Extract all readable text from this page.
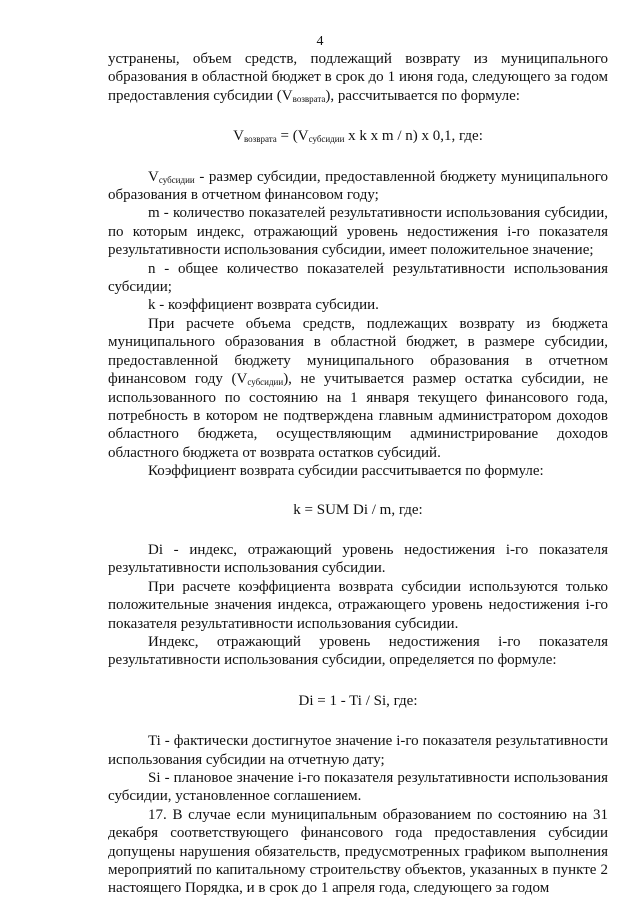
4

устранены, объем средств, подлежащий возврату из муниципального образования в областной бюджет в срок до 1 июня года, следующего за годом предоставления субсидии $(V_{возврата})$, рассчитывается по формуле:

$V_{возврата} = (V_{субсидии}$ x k x m / n) x 0,1, где:

$V_{субсидии}$ - размер субсидии, предоставленной бюджету муниципального образования в отчетном финансовом году;

m - количество показателей результативности использования субсидии, по которым индекс, отражающий уровень недостижения i-го показателя результативности использования субсидии, имеет положительное значение;

n - общее количество показателей результативности использования субсидии;

k - коэффициент возврата субсидии.

При расчете объема средств, подлежащих возврату из бюджета муниципального образования в областной бюджет, в размере субсидии, предоставленной бюджету муниципального образования в отчетном финансовом году $(V_{субсидии})$, не учитывается размер остатка субсидии, не использованного по состоянию на 1 января текущего финансового года, потребность в котором не подтверждена главным администратором доходов областного бюджета, осуществляющим администрирование доходов областного бюджета от возврата остатков субсидий.

Коэффициент возврата субсидии рассчитывается по формуле:

k = SUM Di / m, где:

Di - индекс, отражающий уровень недостижения i-го показателя результативности использования субсидии.

При расчете коэффициента возврата субсидии используются только положительные значения индекса, отражающего уровень недостижения i-го показателя результативности использования субсидии.

Индекс, отражающий уровень недостижения i-го показателя результативности использования субсидии, определяется по формуле:

Di = 1 - Ti / Si, где:

Ti - фактически достигнутое значение i-го показателя результативности использования субсидии на отчетную дату;

Si - плановое значение i-го показателя результативности использования субсидии, установленное соглашением.

17. В случае если муниципальным образованием по состоянию на 31 декабря соответствующего финансового года предоставления субсидии допущены нарушения обязательств, предусмотренных графиком выполнения мероприятий по капитальному строительству объектов, указанных в пункте 2 настоящего Порядка, и в срок до 1 апреля года, следующего за годом
